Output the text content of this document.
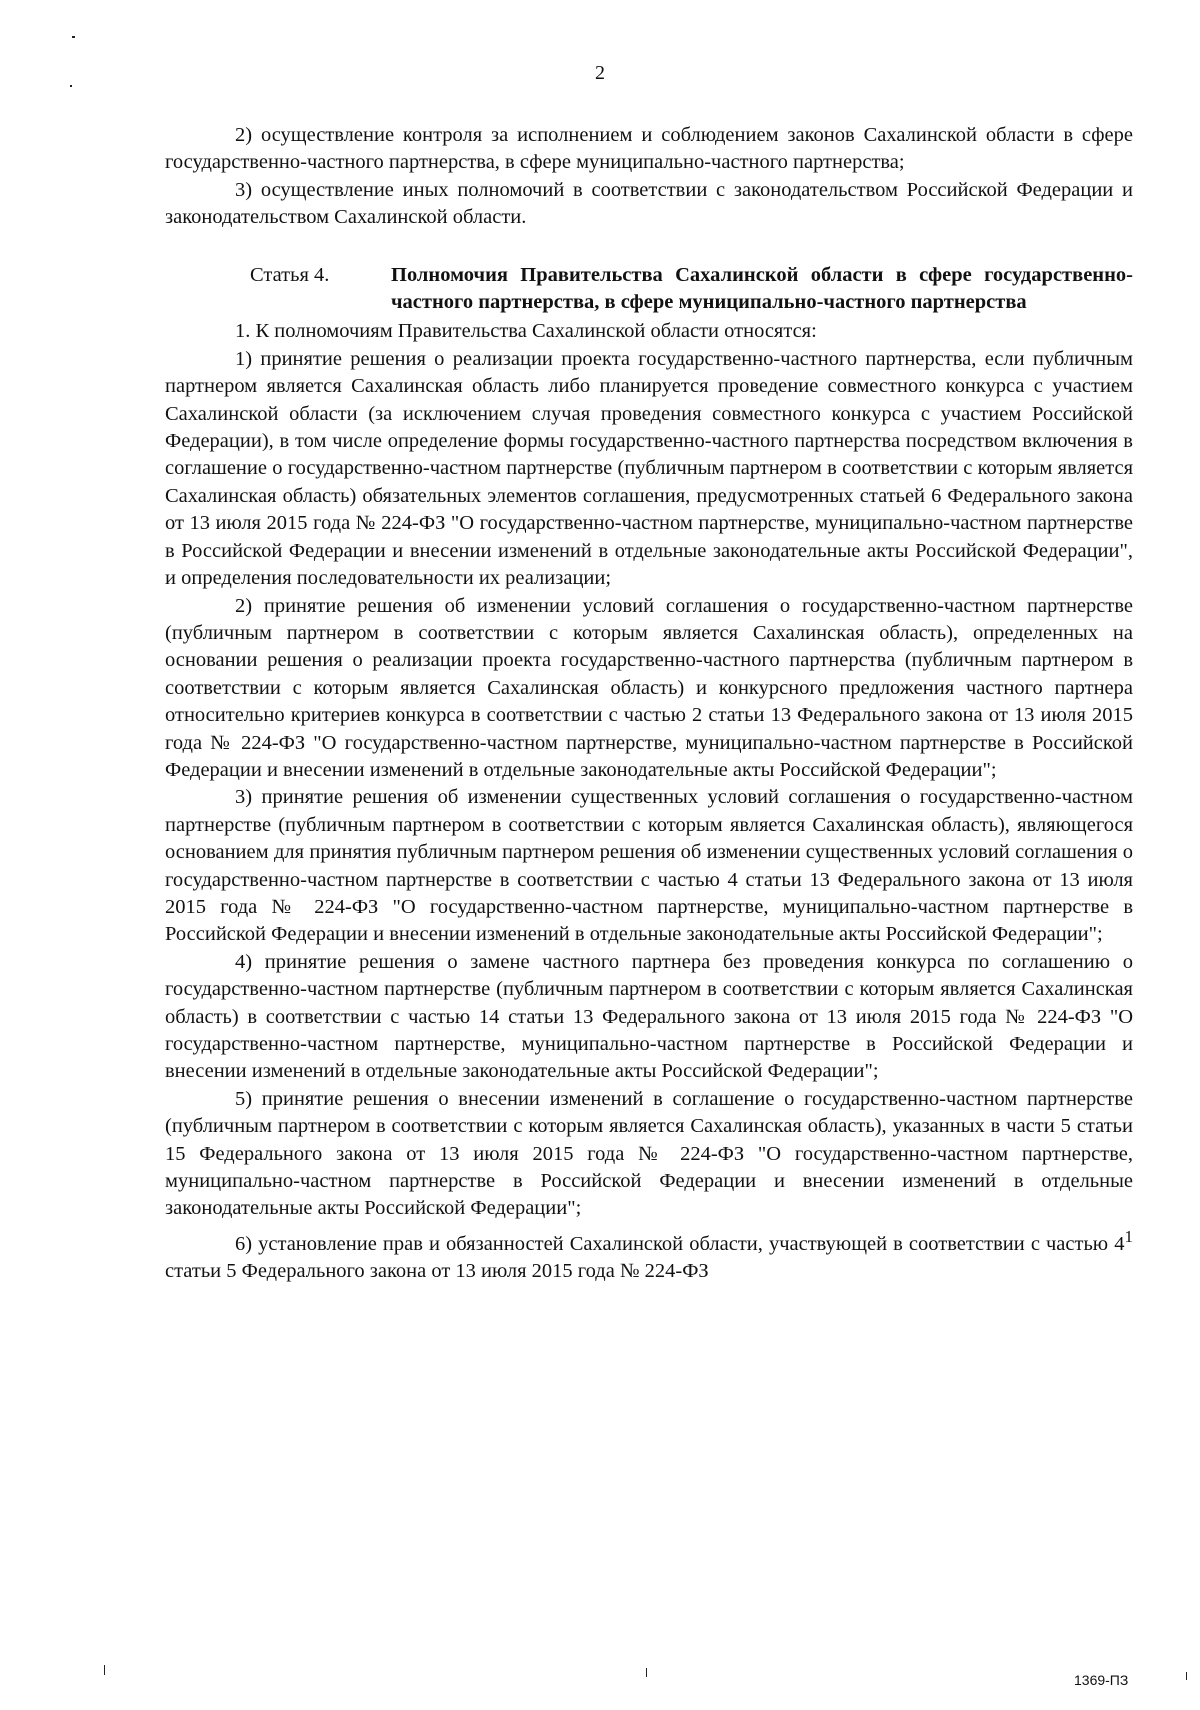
2

2) осуществление контроля за исполнением и соблюдением законов Сахалинской области в сфере государственно-частного партнерства, в сфере муниципально-частного партнерства;

3) осуществление иных полномочий в соответствии с законодательством Российской Федерации и законодательством Сахалинской области.

Статья 4.	Полномочия Правительства Сахалинской области в сфере государственно-частного партнерства, в сфере муниципально-частного партнерства

1. К полномочиям Правительства Сахалинской области относятся:

1) принятие решения о реализации проекта государственно-частного партнерства, если публичным партнером является Сахалинская область либо планируется проведение совместного конкурса с участием Сахалинской области (за исключением случая проведения совместного конкурса с участием Российской Федерации), в том числе определение формы государственно-частного партнерства посредством включения в соглашение о государственно-частном партнерстве (публичным партнером в соответствии с которым является Сахалинская область) обязательных элементов соглашения, предусмотренных статьей 6 Федерального закона от 13 июля 2015 года № 224-ФЗ "О государственно-частном партнерстве, муниципально-частном партнерстве в Российской Федерации и внесении изменений в отдельные законодательные акты Российской Федерации", и определения последовательности их реализации;

2) принятие решения об изменении условий соглашения о государственно-частном партнерстве (публичным партнером в соответствии с которым является Сахалинская область), определенных на основании решения о реализации проекта государственно-частного партнерства (публичным партнером в соответствии с которым является Сахалинская область) и конкурсного предложения частного партнера относительно критериев конкурса в соответствии с частью 2 статьи 13 Федерального закона от 13 июля 2015 года № 224-ФЗ "О государственно-частном партнерстве, муниципально-частном партнерстве в Российской Федерации и внесении изменений в отдельные законодательные акты Российской Федерации";

3) принятие решения об изменении существенных условий соглашения о государственно-частном партнерстве (публичным партнером в соответствии с которым является Сахалинская область), являющегося основанием для принятия публичным партнером решения об изменении существенных условий соглашения о государственно-частном партнерстве в соответствии с частью 4 статьи 13 Федерального закона от 13 июля 2015 года № 224-ФЗ "О государственно-частном партнерстве, муниципально-частном партнерстве в Российской Федерации и внесении изменений в отдельные законодательные акты Российской Федерации";

4) принятие решения о замене частного партнера без проведения конкурса по соглашению о государственно-частном партнерстве (публичным партнером в соответствии с которым является Сахалинская область) в соответствии с частью 14 статьи 13 Федерального закона от 13 июля 2015 года № 224-ФЗ "О государственно-частном партнерстве, муниципально-частном партнерстве в Российской Федерации и внесении изменений в отдельные законодательные акты Российской Федерации";

5) принятие решения о внесении изменений в соглашение о государственно-частном партнерстве (публичным партнером в соответствии с которым является Сахалинская область), указанных в части 5 статьи 15 Федерального закона от 13 июля 2015 года № 224-ФЗ "О государственно-частном партнерстве, муниципально-частном партнерстве в Российской Федерации и внесении изменений в отдельные законодательные акты Российской Федерации";

6) установление прав и обязанностей Сахалинской области, участвующей в соответствии с частью $4^1$ статьи 5 Федерального закона от 13 июля 2015 года № 224-ФЗ

1369-ПЗ
